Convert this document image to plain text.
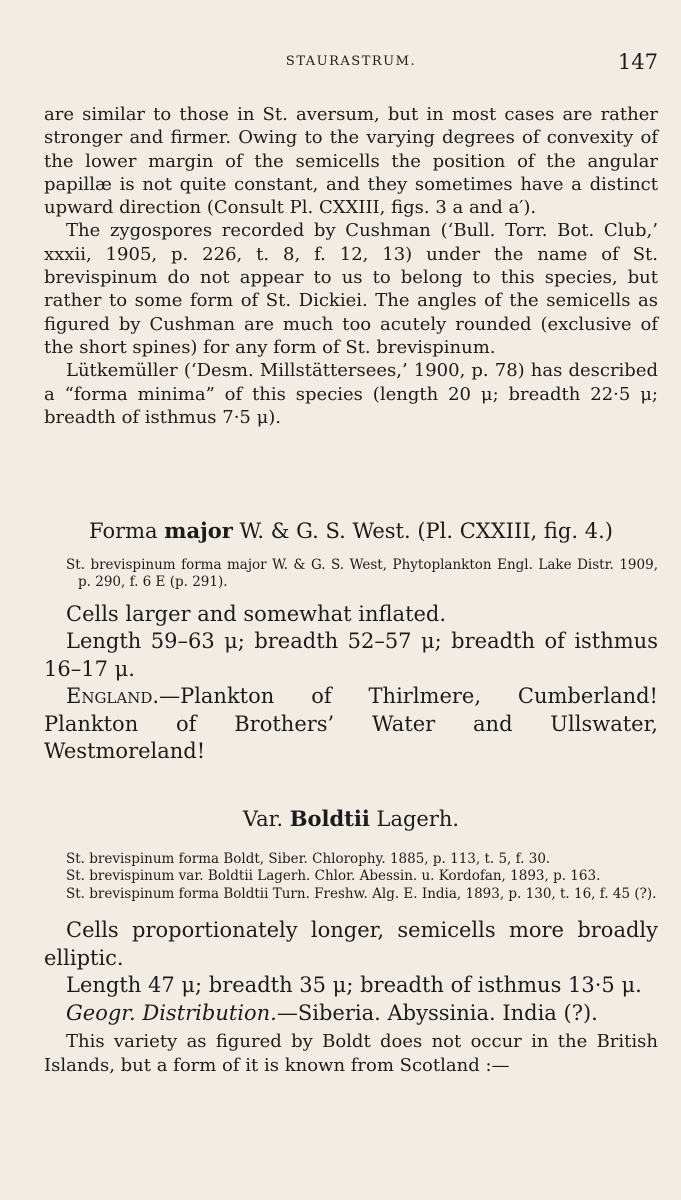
STAURASTRUM.	147

are similar to those in St. aversum, but in most cases are rather stronger and firmer. Owing to the varying degrees of convexity of the lower margin of the semicells the position of the angular papillæ is not quite constant, and they sometimes have a distinct upward direction (Consult Pl. CXXIII, figs. 3 a and a′).

The zygospores recorded by Cushman (‘Bull. Torr. Bot. Club,’ xxxii, 1905, p. 226, t. 8, f. 12, 13) under the name of St. brevispinum do not appear to us to belong to this species, but rather to some form of St. Dickiei. The angles of the semicells as figured by Cushman are much too acutely rounded (exclusive of the short spines) for any form of St. brevispinum.

Lütkemüller (‘Desm. Millstättersees,’ 1900, p. 78) has described a “forma minima” of this species (length 20 μ; breadth 22·5 μ; breadth of isthmus 7·5 μ).

Forma major W. & G. S. West. (Pl. CXXIII, fig. 4.)

St. brevispinum forma major W. & G. S. West, Phytoplankton Engl. Lake Distr. 1909, p. 290, f. 6 E (p. 291).

Cells larger and somewhat inflated.

Length 59–63 μ; breadth 52–57 μ; breadth of isthmus 16–17 μ.

England.—Plankton of Thirlmere, Cumberland! Plankton of Brothers’ Water and Ullswater, Westmoreland!

Var. Boldtii Lagerh.

St. brevispinum forma Boldt, Siber. Chlorophy. 1885, p. 113, t. 5, f. 30.

St. brevispinum var. Boldtii Lagerh. Chlor. Abessin. u. Kordofan, 1893, p. 163.

St. brevispinum forma Boldtii Turn. Freshw. Alg. E. India, 1893, p. 130, t. 16, f. 45 (?).

Cells proportionately longer, semicells more broadly elliptic.

Length 47 μ; breadth 35 μ; breadth of isthmus 13·5 μ.

Geogr. Distribution.—Siberia. Abyssinia. India (?).

This variety as figured by Boldt does not occur in the British Islands, but a form of it is known from Scotland :—
